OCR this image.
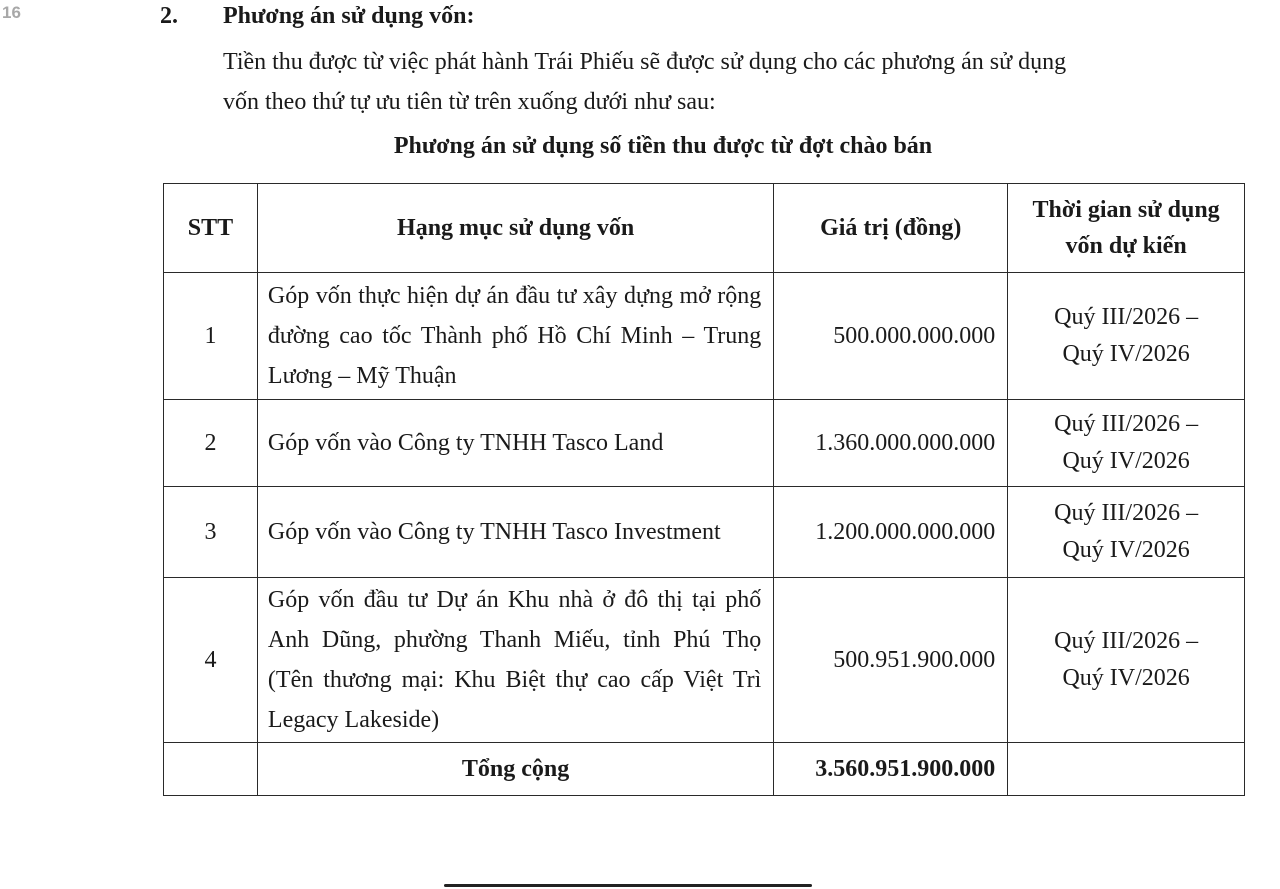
16	2. Phương án sử dụng vốn:
Tiền thu được từ việc phát hành Trái Phiếu sẽ được sử dụng cho các phương án sử dụng
vốn theo thứ tự ưu tiên từ trên xuống dưới như sau:
Phương án sử dụng số tiền thu được từ đợt chào bán
STT	Hạng mục sử dụng vốn	Giá trị (đồng)	Thời gian sử dụng
vốn dự kiến

1	Góp vốn thực hiện dự án đầu tư xây dựng mở rộng đường cao tốc Thành phố Hồ Chí Minh – Trung Lương – Mỹ Thuận	500.000.000.000	Quý III/2026 –
Quý IV/2026

2	Góp vốn vào Công ty TNHH Tasco Land	1.360.000.000.000	Quý III/2026 –
Quý IV/2026

3	Góp vốn vào Công ty TNHH Tasco Investment	1.200.000.000.000	Quý III/2026 –
Quý IV/2026

4	Góp vốn đầu tư Dự án Khu nhà ở đô thị tại phố Anh Dũng, phường Thanh Miếu, tỉnh Phú Thọ (Tên thương mại: Khu Biệt thự cao cấp Việt Trì Legacy Lakeside)	500.951.900.000	Quý III/2026 –
Quý IV/2026

	Tổng cộng	3.560.951.900.000	
